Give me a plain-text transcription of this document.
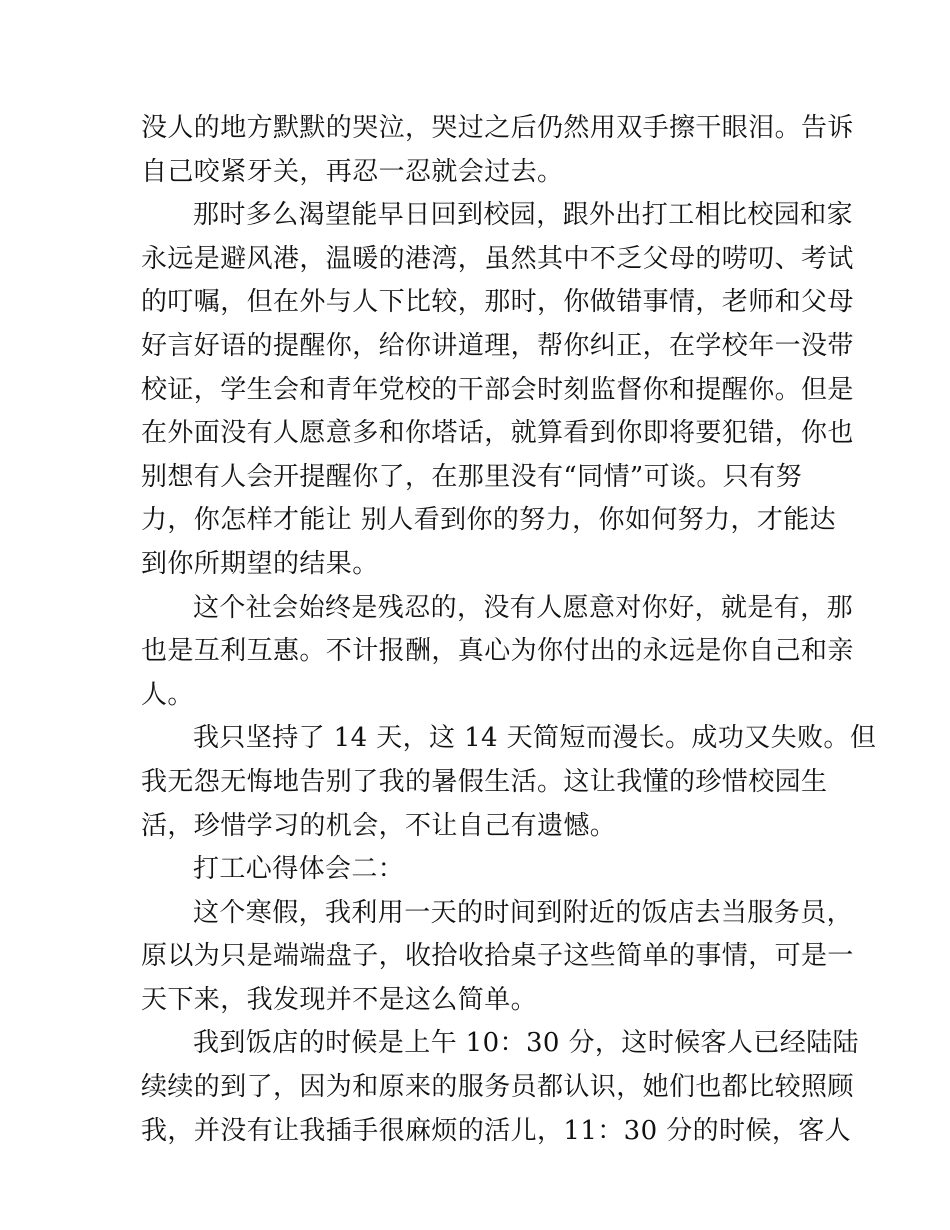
没人的地方默默的哭泣，哭过之后仍然用双手擦干眼泪。告诉
自己咬紧牙关，再忍一忍就会过去。
那时多么渴望能早日回到校园，跟外出打工相比校园和家
永远是避风港，温暖的港湾，虽然其中不乏父母的唠叨、考试
的叮嘱，但在外与人下比较，那时，你做错事情，老师和父母
好言好语的提醒你，给你讲道理，帮你纠正，在学校年一没带
校证，学生会和青年党校的干部会时刻监督你和提醒你。但是
在外面没有人愿意多和你塔话，就算看到你即将要犯错，你也
别想有人会开提醒你了，在那里没有“同情”可谈。只有努
力，你怎样才能让 别人看到你的努力，你如何努力，才能达
到你所期望的结果。
这个社会始终是残忍的，没有人愿意对你好，就是有，那
也是互利互惠。不计报酬，真心为你付出的永远是你自己和亲
人。
我只坚持了 14 天，这 14 天简短而漫长。成功又失败。但
我无怨无悔地告别了我的暑假生活。这让我懂的珍惜校园生
活，珍惜学习的机会，不让自己有遗憾。
打工心得体会二：
这个寒假，我利用一天的时间到附近的饭店去当服务员，
原以为只是端端盘子，收拾收拾桌子这些简单的事情，可是一
天下来，我发现并不是这么简单。
我到饭店的时候是上午 10：30 分，这时候客人已经陆陆
续续的到了，因为和原来的服务员都认识，她们也都比较照顾
我，并没有让我插手很麻烦的活儿，11：30 分的时候，客人
